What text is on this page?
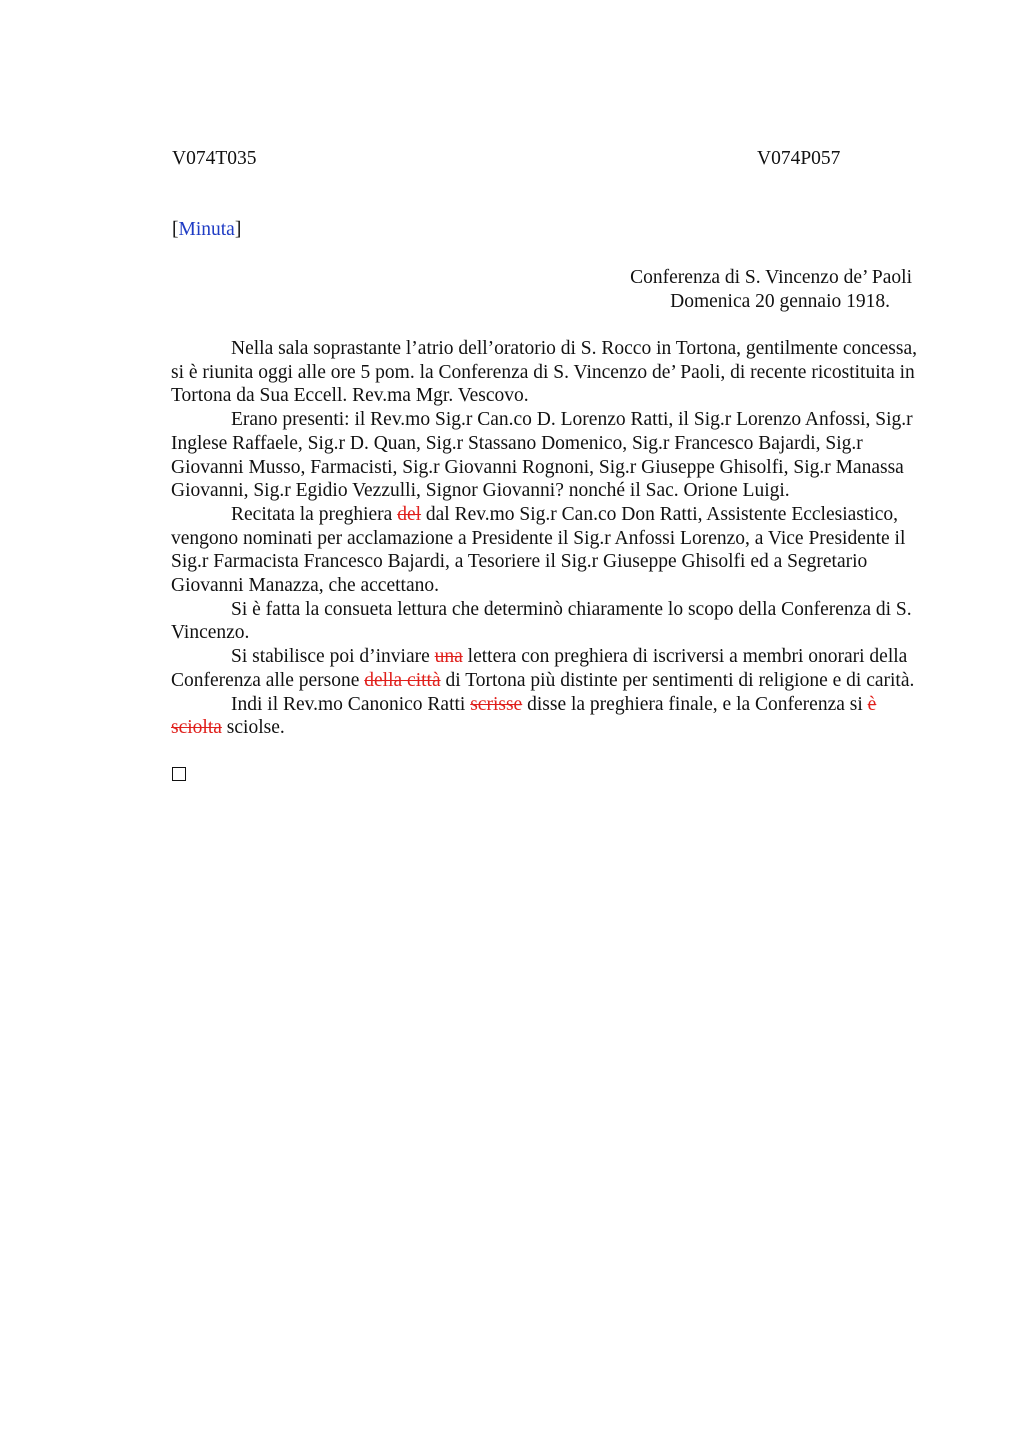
V074T035	V074P057
[Minuta]
Conferenza di S. Vincenzo de’ Paoli
Domenica 20 gennaio 1918.

Nella sala soprastante l’atrio dell’oratorio di S. Rocco in Tortona, gentilmente concessa, si è riunita oggi alle ore 5 pom. la Conferenza di S. Vincenzo de’ Paoli, di recente ricostituita in Tortona da Sua Eccell. Rev.ma Mgr. Vescovo.

Erano presenti: il Rev.mo Sig.r Can.co D. Lorenzo Ratti, il Sig.r Lorenzo Anfossi, Sig.r Inglese Raffaele, Sig.r D. Quan, Sig.r Stassano Domenico, Sig.r Francesco Bajardi, Sig.r Giovanni Musso, Farmacisti, Sig.r Giovanni Rognoni, Sig.r Giuseppe Ghisolfi, Sig.r Manassa Giovanni, Sig.r Egidio Vezzulli, Signor Giovanni? nonché il Sac. Orione Luigi.

Recitata la preghiera del dal Rev.mo Sig.r Can.co Don Ratti, Assistente Ecclesiastico, vengono nominati per acclamazione a Presidente il Sig.r Anfossi Lorenzo, a Vice Presidente il Sig.r Farmacista Francesco Bajardi, a Tesoriere il Sig.r Giuseppe Ghisolfi ed a Segretario Giovanni Manazza, che accettano.

Si è fatta la consueta lettura che determinò chiaramente lo scopo della Conferenza di S. Vincenzo.

Si stabilisce poi d’inviare una lettera con preghiera di iscriversi a membri onorari della Conferenza alle persone della città di Tortona più distinte per sentimenti di religione e di carità.

Indi il Rev.mo Canonico Ratti scrisse disse la preghiera finale, e la Conferenza si è sciolta sciolse.
